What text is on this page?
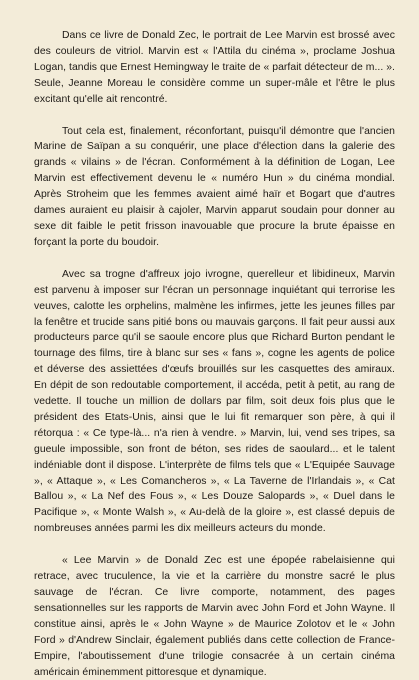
Dans ce livre de Donald Zec, le portrait de Lee Marvin est brossé avec des couleurs de vitriol. Marvin est « l'Attila du cinéma », proclame Joshua Logan, tandis que Ernest Hemingway le traite de « parfait détecteur de m... ». Seule, Jeanne Moreau le considère comme un super-mâle et l'être le plus excitant qu'elle ait rencontré.

Tout cela est, finalement, réconfortant, puisqu'il démontre que l'ancien Marine de Saïpan a su conquérir, une place d'élection dans la galerie des grands « vilains » de l'écran. Conformément à la définition de Logan, Lee Marvin est effectivement devenu le « numéro Hun » du cinéma mondial. Après Stroheim que les femmes avaient aimé haïr et Bogart que d'autres dames auraient eu plaisir à cajoler, Marvin apparut soudain pour donner au sexe dit faible le petit frisson inavouable que procure la brute épaisse en forçant la porte du boudoir.

Avec sa trogne d'affreux jojo ivrogne, querelleur et libidineux, Marvin est parvenu à imposer sur l'écran un personnage inquiétant qui terrorise les veuves, calotte les orphelins, malmène les infirmes, jette les jeunes filles par la fenêtre et trucide sans pitié bons ou mauvais garçons. Il fait peur aussi aux producteurs parce qu'il se saoule encore plus que Richard Burton pendant le tournage des films, tire à blanc sur ses « fans », cogne les agents de police et déverse des assiettées d'œufs brouillés sur les casquettes des amiraux. En dépit de son redoutable comportement, il accéda, petit à petit, au rang de vedette. Il touche un million de dollars par film, soit deux fois plus que le président des Etats-Unis, ainsi que le lui fit remarquer son père, à qui il rétorqua : « Ce type-là... n'a rien à vendre. » Marvin, lui, vend ses tripes, sa gueule impossible, son front de béton, ses rides de saoulard... et le talent indéniable dont il dispose. L'interprète de films tels que « L'Equipée Sauvage », « Attaque », « Les Comancheros », « La Taverne de l'Irlandais », « Cat Ballou », « La Nef des Fous », « Les Douze Salopards », « Duel dans le Pacifique », « Monte Walsh », « Au-delà de la gloire », est classé depuis de nombreuses années parmi les dix meilleurs acteurs du monde.

« Lee Marvin » de Donald Zec est une épopée rabelaisienne qui retrace, avec truculence, la vie et la carrière du monstre sacré le plus sauvage de l'écran. Ce livre comporte, notamment, des pages sensationnelles sur les rapports de Marvin avec John Ford et John Wayne. Il constitue ainsi, après le « John Wayne » de Maurice Zolotov et le « John Ford » d'Andrew Sinclair, également publiés dans cette collection de France-Empire, l'aboutissement d'une trilogie consacrée à un certain cinéma américain éminemment pittoresque et dynamique.
